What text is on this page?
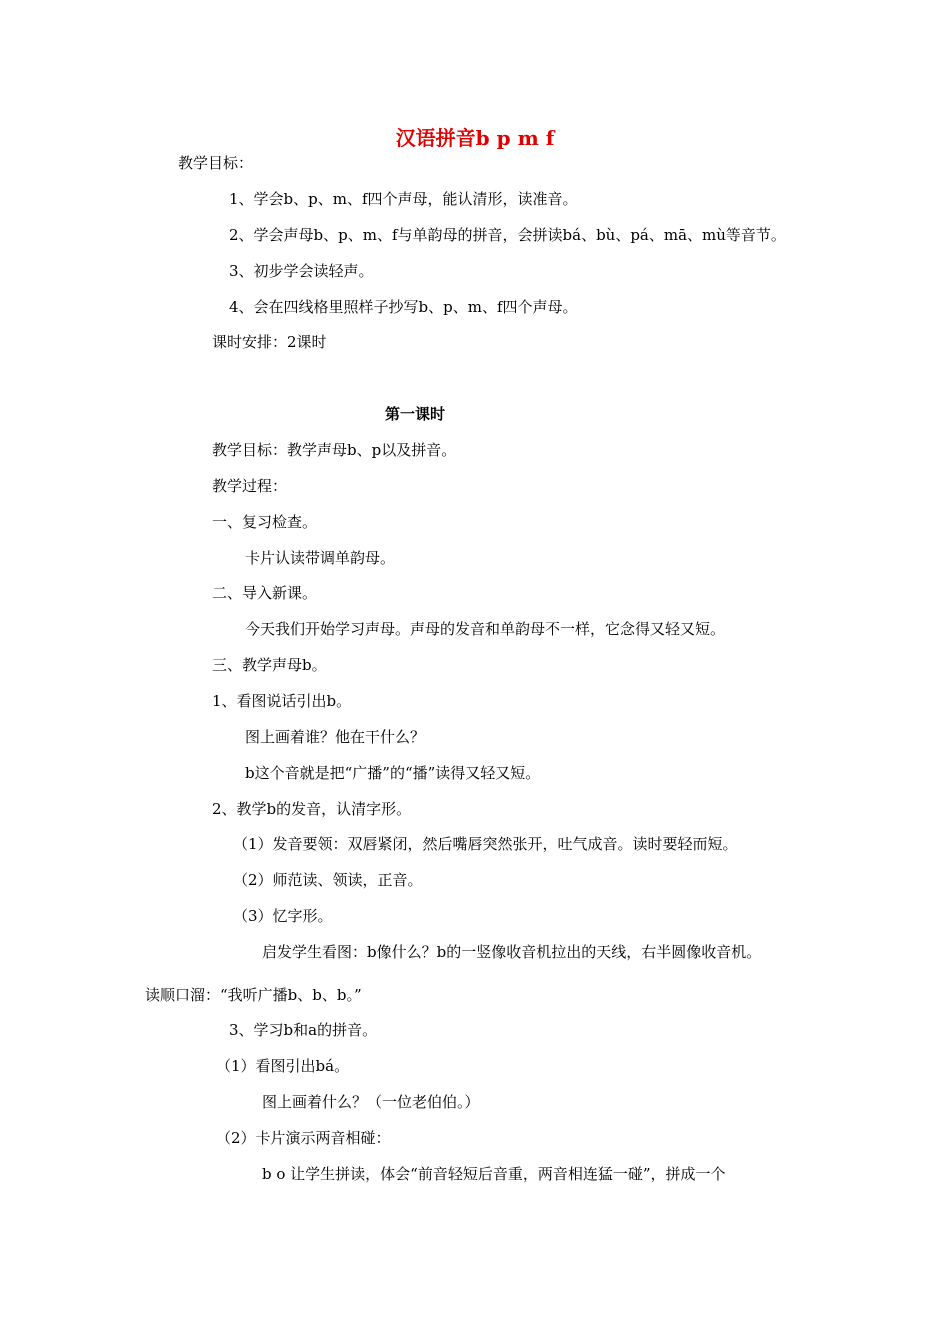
汉语拼音b p m f
教学目标：
1、学会b、p、m、f四个声母，能认清形，读准音。
2、学会声母b、p、m、f与单韵母的拼音，会拼读bá、bù、pá、mā、mù等音节。
3、初步学会读轻声。
4、会在四线格里照样子抄写b、p、m、f四个声母。
课时安排：2课时
第一课时
教学目标：教学声母b、p以及拼音。
教学过程：
一、复习检查。
卡片认读带调单韵母。
二、导入新课。
今天我们开始学习声母。声母的发音和单韵母不一样，它念得又轻又短。
三、教学声母b。
1、看图说话引出b。
图上画着谁？他在干什么？
b这个音就是把“广播”的“播”读得又轻又短。
2、教学b的发音，认清字形。
（1）发音要领：双唇紧闭，然后嘴唇突然张开，吐气成音。读时要轻而短。
（2）师范读、领读，正音。
（3）忆字形。
启发学生看图：b像什么？b的一竖像收音机拉出的天线，右半圆像收音机。
读顺口溜：“我听广播b、b、b。”
3、学习b和a的拼音。
（1）看图引出bá。
图上画着什么？（一位老伯伯。）
（2）卡片演示两音相碰：
b o 让学生拼读，体会“前音轻短后音重，两音相连猛一碰”，拼成一个
